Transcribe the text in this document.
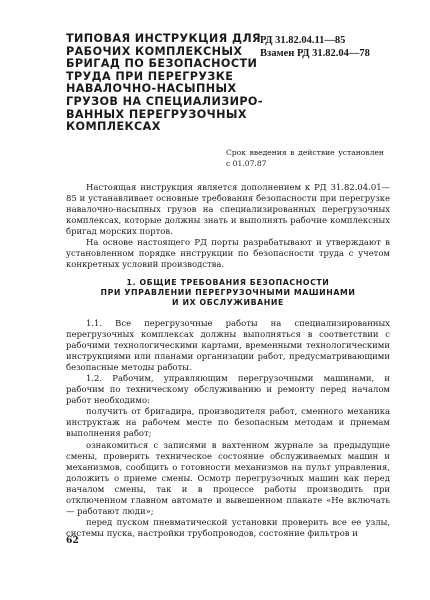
ТИПОВАЯ ИНСТРУКЦИЯ ДЛЯ
РАБОЧИХ КОМПЛЕКСНЫХ
БРИГАД ПО БЕЗОПАСНОСТИ
ТРУДА ПРИ ПЕРЕГРУЗКЕ
НАВАЛОЧНО-НАСЫПНЫХ
ГРУЗОВ НА СПЕЦИАЛИЗИРО-
ВАННЫХ ПЕРЕГРУЗОЧНЫХ
КОМПЛЕКСАХ
РД 31.82.04.11—85
Взамен РД 31.82.04—78
Срок введения в действие установлен
с 01.07.87

Настоящая инструкция является дополнением к РД 31.82.04.01—85 и устанавливает основные требования безопасности при перегрузке навалочно-насыпных грузов на специализированных перегрузочных комплексах, которые должны знать и выполнять рабочие комплексных бригад морских портов.

На основе настоящего РД порты разрабатывают и утверждают в установленном порядке инструкции по безопасности труда с учетом конкретных условий производства.

1. ОБЩИЕ ТРЕБОВАНИЯ БЕЗОПАСНОСТИ
ПРИ УПРАВЛЕНИИ ПЕРЕГРУЗОЧНЫМИ МАШИНАМИ
И ИХ ОБСЛУЖИВАНИЕ

1.1. Все перегрузочные работы на специализированных перегрузочных комплексах должны выполняться в соответствии с рабочими технологическими картами, временными технологическими инструкциями или планами организации работ, предусматривающими безопасные методы работы.

1.2. Рабочим, управляющим перегрузочными машинами, и рабочим по техническому обслуживанию и ремонту перед началом работ необходимо:

получить от бригадира, производителя работ, сменного механика инструктаж на рабочем месте по безопасным методам и приемам выполнения работ;

ознакомиться с записями в вахтенном журнале за предыдущие смены, проверить техническое состояние обслуживаемых машин и механизмов, сообщить о готовности механизмов на пульт управления, доложить о приеме смены. Осмотр перегрузочных машин как перед началом смены, так и в процессе работы производить при отключенном главном автомате и вывешенном плакате «Не включать — работают люди»;

перед пуском пневматической установки проверить все ее узлы, системы пуска, настройки трубопроводов, состояние фильтров и

62
